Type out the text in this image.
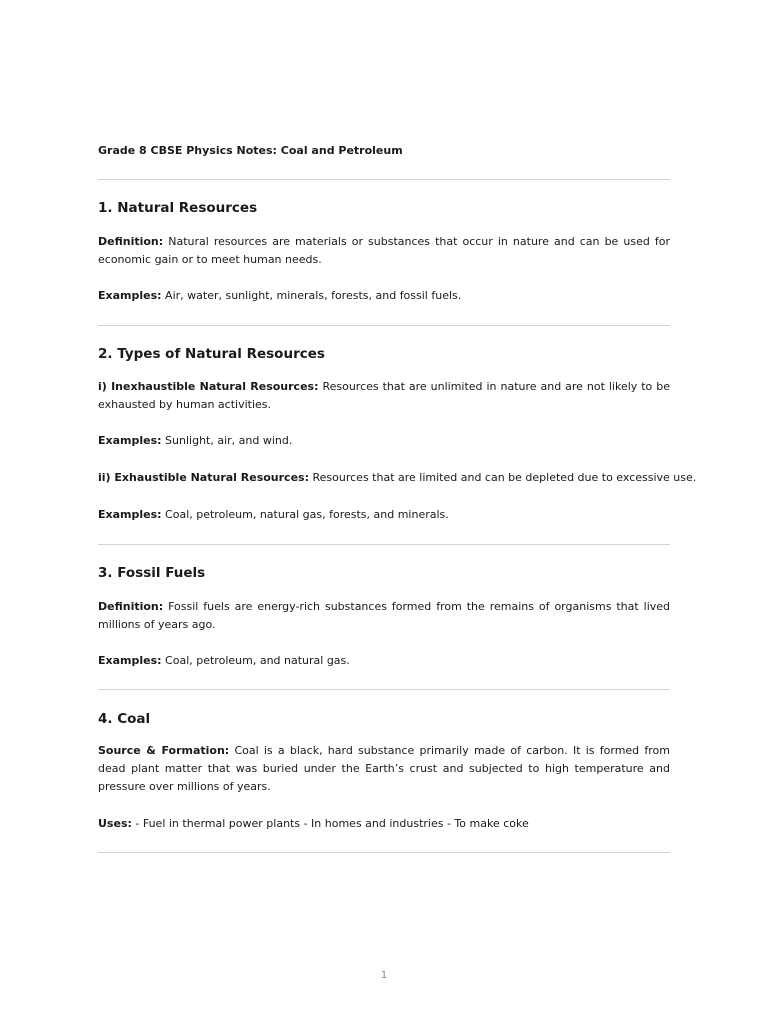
Grade 8 CBSE Physics Notes: Coal and Petroleum
1. Natural Resources
Definition: Natural resources are materials or substances that occur in nature and can be used for economic gain or to meet human needs.
Examples: Air, water, sunlight, minerals, forests, and fossil fuels.
2. Types of Natural Resources
i) Inexhaustible Natural Resources: Resources that are unlimited in nature and are not likely to be exhausted by human activities.
Examples: Sunlight, air, and wind.
ii) Exhaustible Natural Resources: Resources that are limited and can be depleted due to excessive use.
Examples: Coal, petroleum, natural gas, forests, and minerals.
3. Fossil Fuels
Definition: Fossil fuels are energy-rich substances formed from the remains of organisms that lived millions of years ago.
Examples: Coal, petroleum, and natural gas.
4. Coal
Source & Formation: Coal is a black, hard substance primarily made of carbon. It is formed from dead plant matter that was buried under the Earth’s crust and subjected to high temperature and pressure over millions of years.
Uses: - Fuel in thermal power plants - In homes and industries - To make coke
1
